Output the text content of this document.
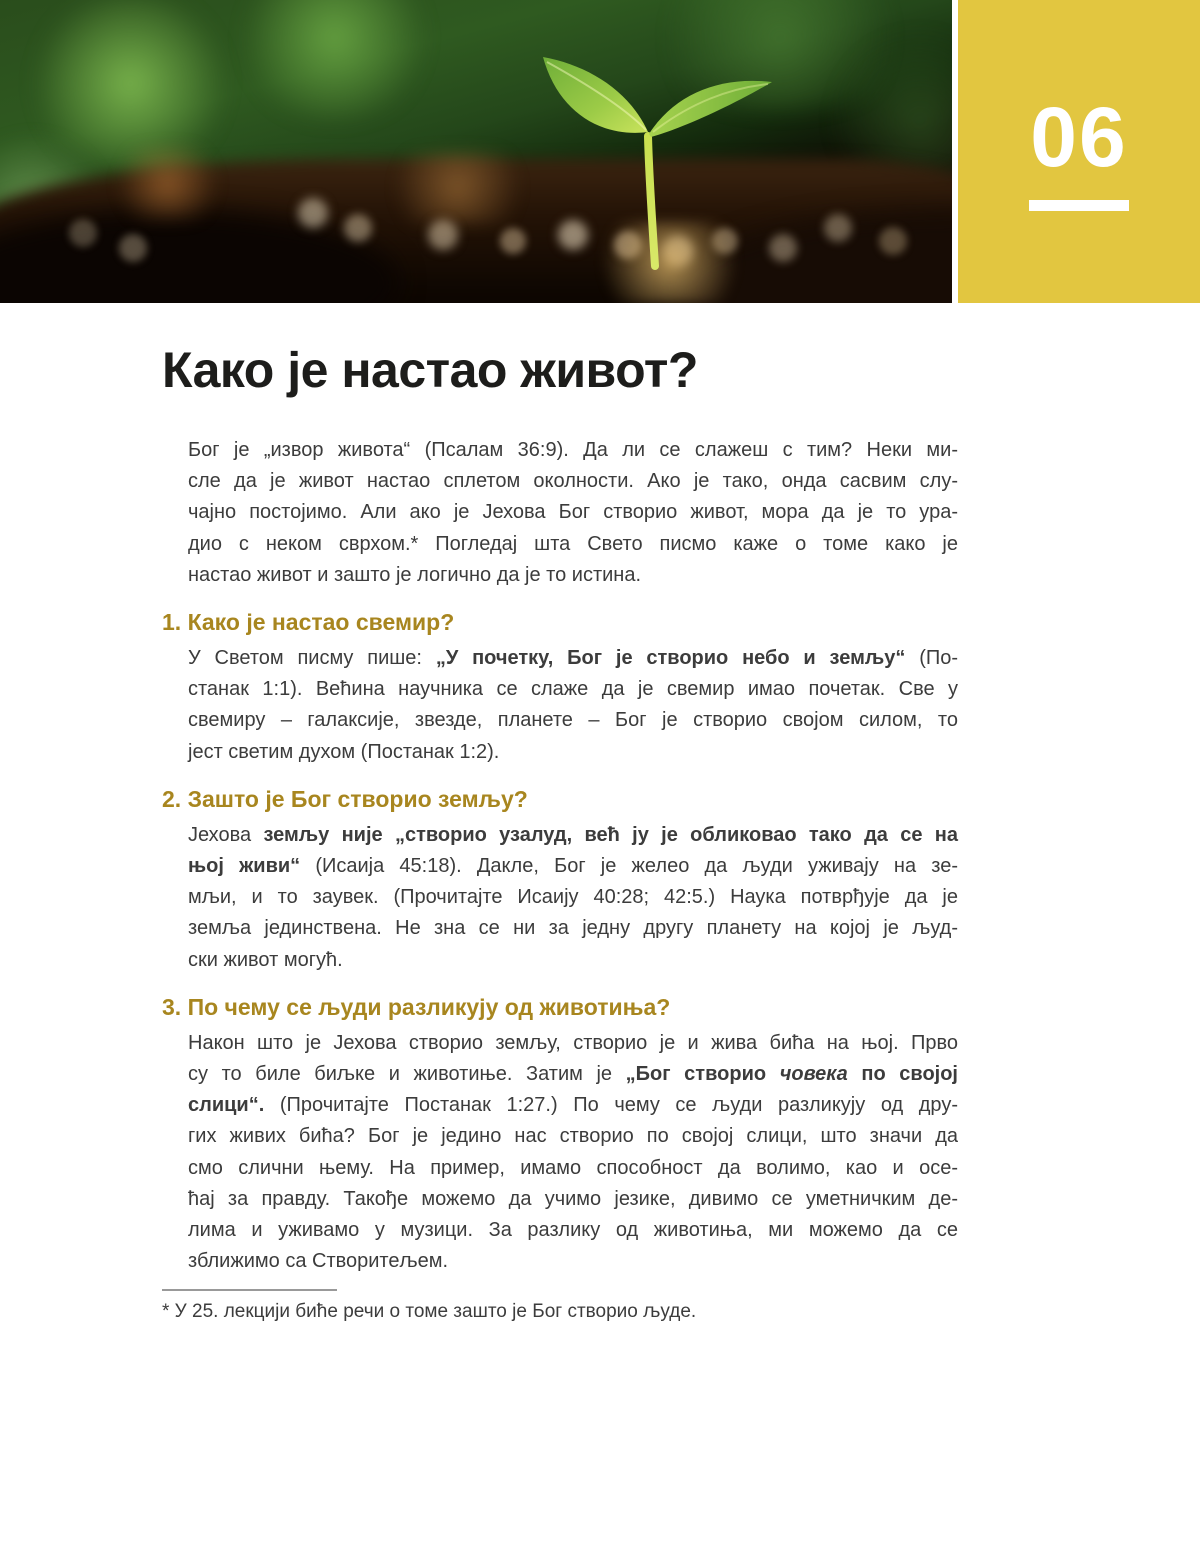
06
Како је настао живот?
Бог је „извор живота“ (Псалам 36:9). Да ли се слажеш с тим? Неки ми-
сле да је живот настао сплетом околности. Ако је тако, онда сасвим слу-
чајно постојимо. Али ако је Јехова Бог створио живот, мора да је то ура-
дио с неком сврхом.* Погледај шта Свето писмо каже о томе како је
настао живот и зашто је логично да је то истина.
1. Како је настао свемир?
У Светом писму пише: „У почетку, Бог је створио небо и земљу“ (По-
станак 1:1). Већина научника се слаже да је свемир имао почетак. Све у
свемиру – галаксије, звезде, планете – Бог је створио својом силом, то
јест светим духом (Постанак 1:2).
2. Зашто је Бог створио земљу?
Јехова земљу није „створио узалуд, већ ју је обликовао тако да се на
њој живи“ (Исаија 45:18). Дакле, Бог је желео да људи уживају на зе-
мљи, и то заувек. (Прочитајте Исаију 40:28; 42:5.) Наука потврђује да је
земља јединствена. Не зна се ни за једну другу планету на којој је људ-
ски живот могућ.
3. По чему се људи разликују од животиња?
Након што је Јехова створио земљу, створио је и жива бића на њој. Прво
су то биле биљке и животиње. Затим је „Бог створио човека по својој
слици“. (Прочитајте Постанак 1:27.) По чему се људи разликују од дру-
гих живих бића? Бог је једино нас створио по својој слици, што значи да
смо слични њему. На пример, имамо способност да волимо, као и осе-
ћај за правду. Такође можемо да учимо језике, дивимо се уметничким де-
лима и уживамо у музици. За разлику од животиња, ми можемо да се
зближимо са Створитељем.
* У 25. лекцији биће речи о томе зашто је Бог створио људе.
